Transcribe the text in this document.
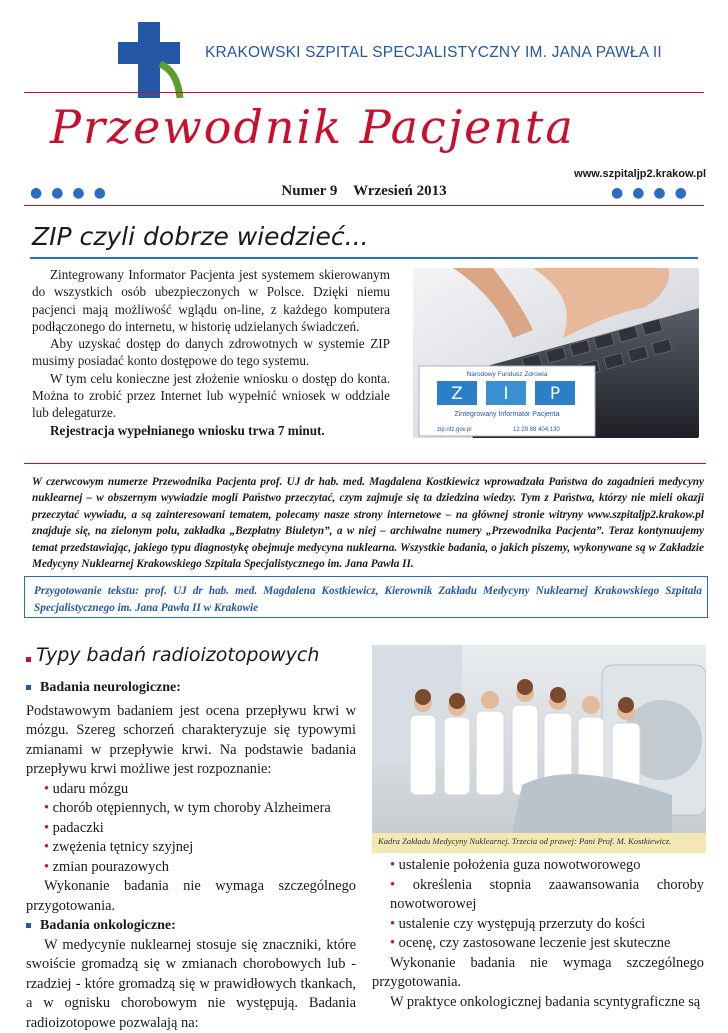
KRAKOWSKI SZPITAL SPECJALISTYCZNY IM. JANA PAWŁA II
Przewodnik Pacjenta
www.szpitaljp2.krakow.pl
●●●●	●●●●
Numer 9 Wrzesień 2013
ZIP czyli dobrze wiedzieć...

Zintegrowany Informator Pacjenta jest systemem skierowanym do wszystkich osób ubezpieczonych w Polsce. Dzięki niemu pacjenci mają możliwość wglądu on-line, z każdego komputera podłączonego do internetu, w historię udzielanych świadczeń.

Aby uzyskać dostęp do danych zdrowotnych w systemie ZIP musimy posiadać konto dostępowe do tego systemu.

W tym celu konieczne jest złożenie wniosku o dostęp do konta. Można to zrobić przez Internet lub wypełnić wniosek w oddziale lub delegaturze.

Rejestracja wypełnianego wniosku trwa 7 minut.

Narodowy Fundusz Zdrowia
Z I P
Zintegrowany Informator Pacjenta
zip.nfz.gov.pl	12 29 88 404,130
W czerwcowym numerze Przewodnika Pacjenta prof. UJ dr hab. med. Magdalena Kostkiewicz wprowadzała Państwa do zagadnień medycyny nuklearnej – w obszernym wywiadzie mogli Państwo przeczytać, czym zajmuje się ta dziedzina wiedzy. Tym z Państwa, którzy nie mieli okazji przeczytać wywiadu, a są zainteresowani tematem, polecamy nasze strony internetowe – na głównej stronie witryny www.szpitaljp2.krakow.pl znajduje się, na zielonym polu, zakładka „Bezpłatny Biuletyn”, a w niej – archiwalne numery „Przewodnika Pacjenta”. Teraz kontynuujemy temat przedstawiając, jakiego typu diagnostykę obejmuje medycyna nuklearna. Wszystkie badania, o jakich piszemy, wykonywane są w Zakładzie Medycyny Nuklearnej Krakowskiego Szpitala Specjalistycznego im. Jana Pawła II.
Przygotowanie tekstu: prof. UJ dr hab. med. Magdalena Kostkiewicz, Kierownik Zakładu Medycyny Nuklearnej Krakowskiego Szpitala Specjalistycznego im. Jana Pawła II w Krakowie
Typy badań radioizotopowych

Badania neurologiczne:

Podstawowym badaniem jest ocena przepływu krwi w mózgu. Szereg schorzeń charakteryzuje się typowymi zmianami w przepływie krwi. Na podstawie badania przepływu krwi możliwe jest rozpoznanie:

• udaru mózgu

• chorób otępiennych, w tym choroby Alzheimera

• padaczki

• zwężenia tętnicy szyjnej

• zmian pourazowych

Wykonanie badania nie wymaga szczególnego przygotowania.

Badania onkologiczne:

W medycynie nuklearnej stosuje się znaczniki, które swoiście gromadzą się w zmianach chorobowych lub - rzadziej - które gromadzą się w prawidłowych tkankach, a w ognisku chorobowym nie występują. Badania radioizotopowe pozwalają na:

Kadra Zakładu Medycyny Nuklearnej. Trzecia od prawej: Pani Prof. M. Kostkiewicz.

• ustalenie położenia guza nowotworowego

• określenia stopnia zaawansowania choroby nowotworowej

• ustalenie czy występują przerzuty do kości

• ocenę, czy zastosowane leczenie jest skuteczne

Wykonanie badania nie wymaga szczególnego przygotowania.

W praktyce onkologicznej badania scyntygraficzne są
